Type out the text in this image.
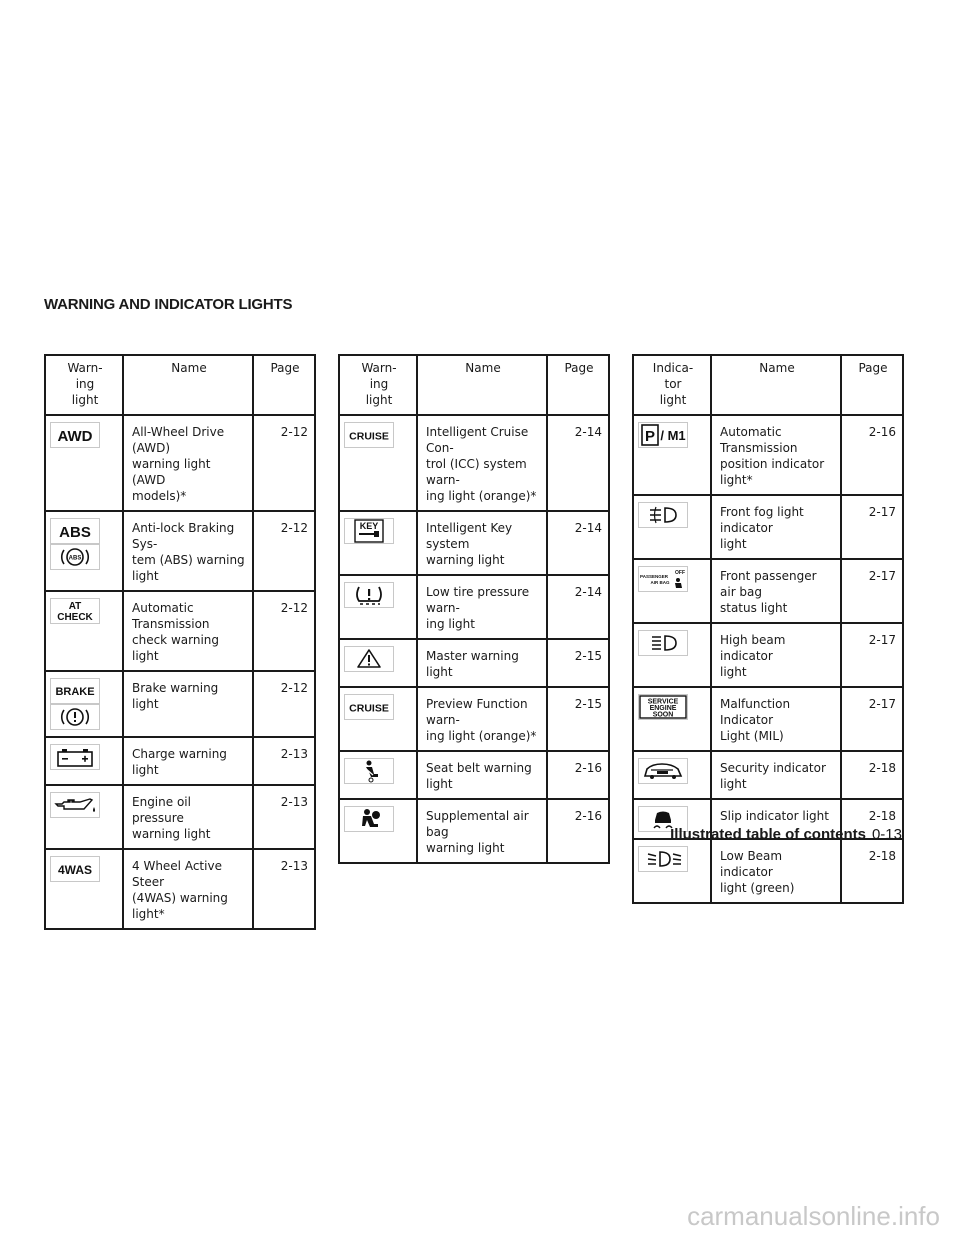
WARNING AND INDICATOR LIGHTS
Warn-
ing
light	Name	Page

AWD	All-Wheel Drive (AWD)
warning light (AWD
models)*	2-12

ABS
ABS	Anti-lock Braking Sys-
tem (ABS) warning light	2-12

AT
CHECK	Automatic Transmission
check warning light	2-12

BRAKE	Brake warning light	2-12

	Charge warning light	2-13

	Engine oil pressure
warning light	2-13

4WAS	4 Wheel Active Steer
(4WAS) warning light*	2-13
Warn-
ing
light	Name	Page

CRUISE	Intelligent Cruise Con-
trol (ICC) system warn-
ing light (orange)*	2-14

KEY	Intelligent Key system
warning light	2-14

	Low tire pressure warn-
ing light	2-14

	Master warning light	2-15

CRUISE	Preview Function warn-
ing light (orange)*	2-15

	Seat belt warning light	2-16

	Supplemental air bag
warning light	2-16
Indica-
tor
light	Name	Page

P / M1	Automatic Transmission
position indicator light*	2-16

	Front fog light indicator
light	2-17

PASSENGER
AIR BAG
OFF	Front passenger air bag
status light	2-17

	High beam indicator
light	2-17

SERVICE
ENGINE
SOON	Malfunction Indicator
Light (MIL)	2-17

	Security indicator light	2-18

	Slip indicator light	2-18

	Low Beam indicator
light (green)	2-18
Illustrated table of contents 0-13
carmanualsonline.info
